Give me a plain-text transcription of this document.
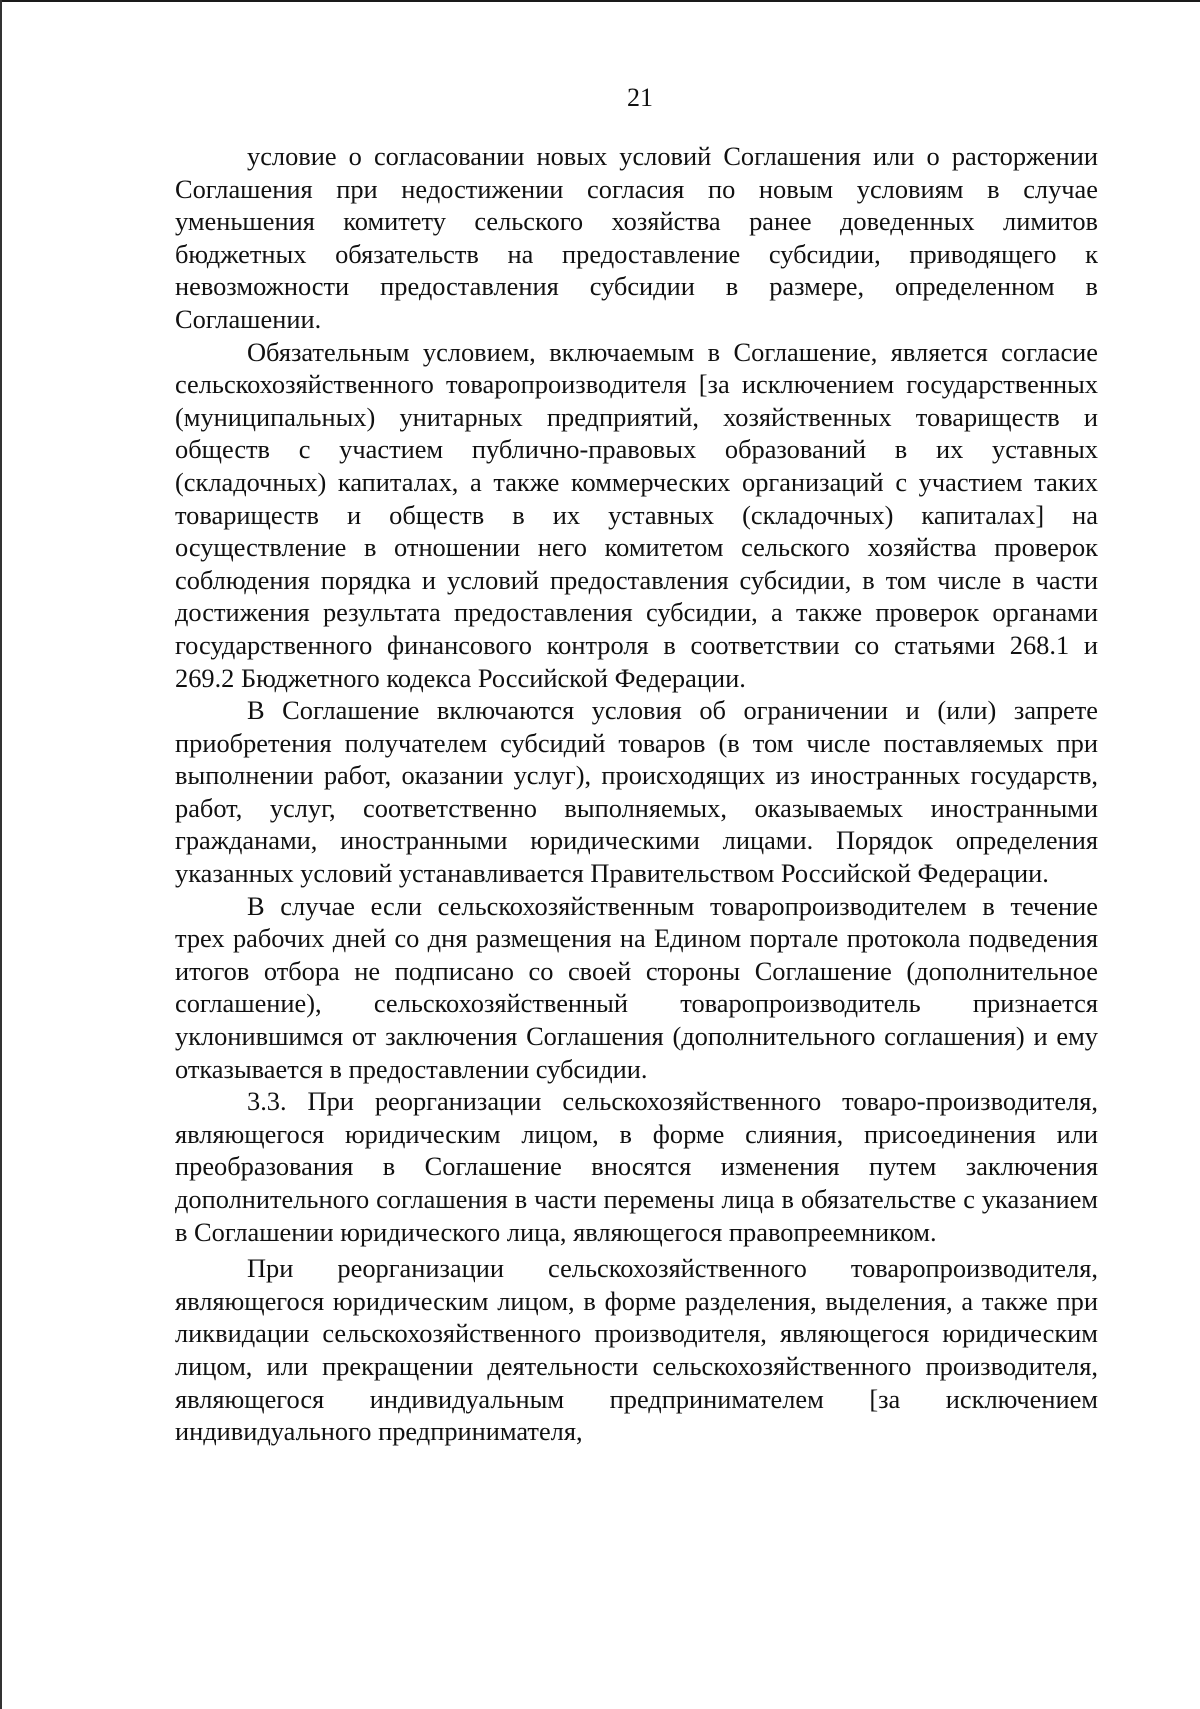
21

условие о согласовании новых условий Соглашения или о расторжении Соглашения при недостижении согласия по новым условиям в случае уменьшения комитету сельского хозяйства ранее доведенных лимитов бюджетных обязательств на предоставление субсидии, приводящего к невозможности предоставления субсидии в размере, определенном в Соглашении.

Обязательным условием, включаемым в Соглашение, является согласие сельскохозяйственного товаропроизводителя [за исключением государственных (муниципальных) унитарных предприятий, хозяйственных товариществ и обществ с участием публично-правовых образований в их уставных (складочных) капиталах, а также коммерческих организаций с участием таких товариществ и обществ в их уставных (складочных) капиталах] на осуществление в отношении него комитетом сельского хозяйства проверок соблюдения порядка и условий предоставления субсидии, в том числе в части достижения результата предоставления субсидии, а также проверок органами государственного финансового контроля в соответствии со статьями 268.1 и 269.2 Бюджетного кодекса Российской Федерации.

В Соглашение включаются условия об ограничении и (или) запрете приобретения получателем субсидий товаров (в том числе поставляемых при выполнении работ, оказании услуг), происходящих из иностранных государств, работ, услуг, соответственно выполняемых, оказываемых иностранными гражданами, иностранными юридическими лицами. Порядок определения указанных условий устанавливается Правительством Российской Федерации.

В случае если сельскохозяйственным товаропроизводителем в течение трех рабочих дней со дня размещения на Едином портале протокола подведения итогов отбора не подписано со своей стороны Соглашение (дополнительное соглашение), сельскохозяйственный товаропроизводитель признается уклонившимся от заключения Соглашения (дополнительного соглашения) и ему отказывается в предоставлении субсидии.

3.3. При реорганизации сельскохозяйственного товаро-производителя, являющегося юридическим лицом, в форме слияния, присоединения или преобразования в Соглашение вносятся изменения путем заключения дополнительного соглашения в части перемены лица в обязательстве с указанием в Соглашении юридического лица, являющегося правопреемником.

При реорганизации сельскохозяйственного товаропроизводителя, являющегося юридическим лицом, в форме разделения, выделения, а также при ликвидации сельскохозяйственного производителя, являющегося юридическим лицом, или прекращении деятельности сельскохозяйственного производителя, являющегося индивидуальным предпринимателем [за исключением индивидуального предпринимателя,
